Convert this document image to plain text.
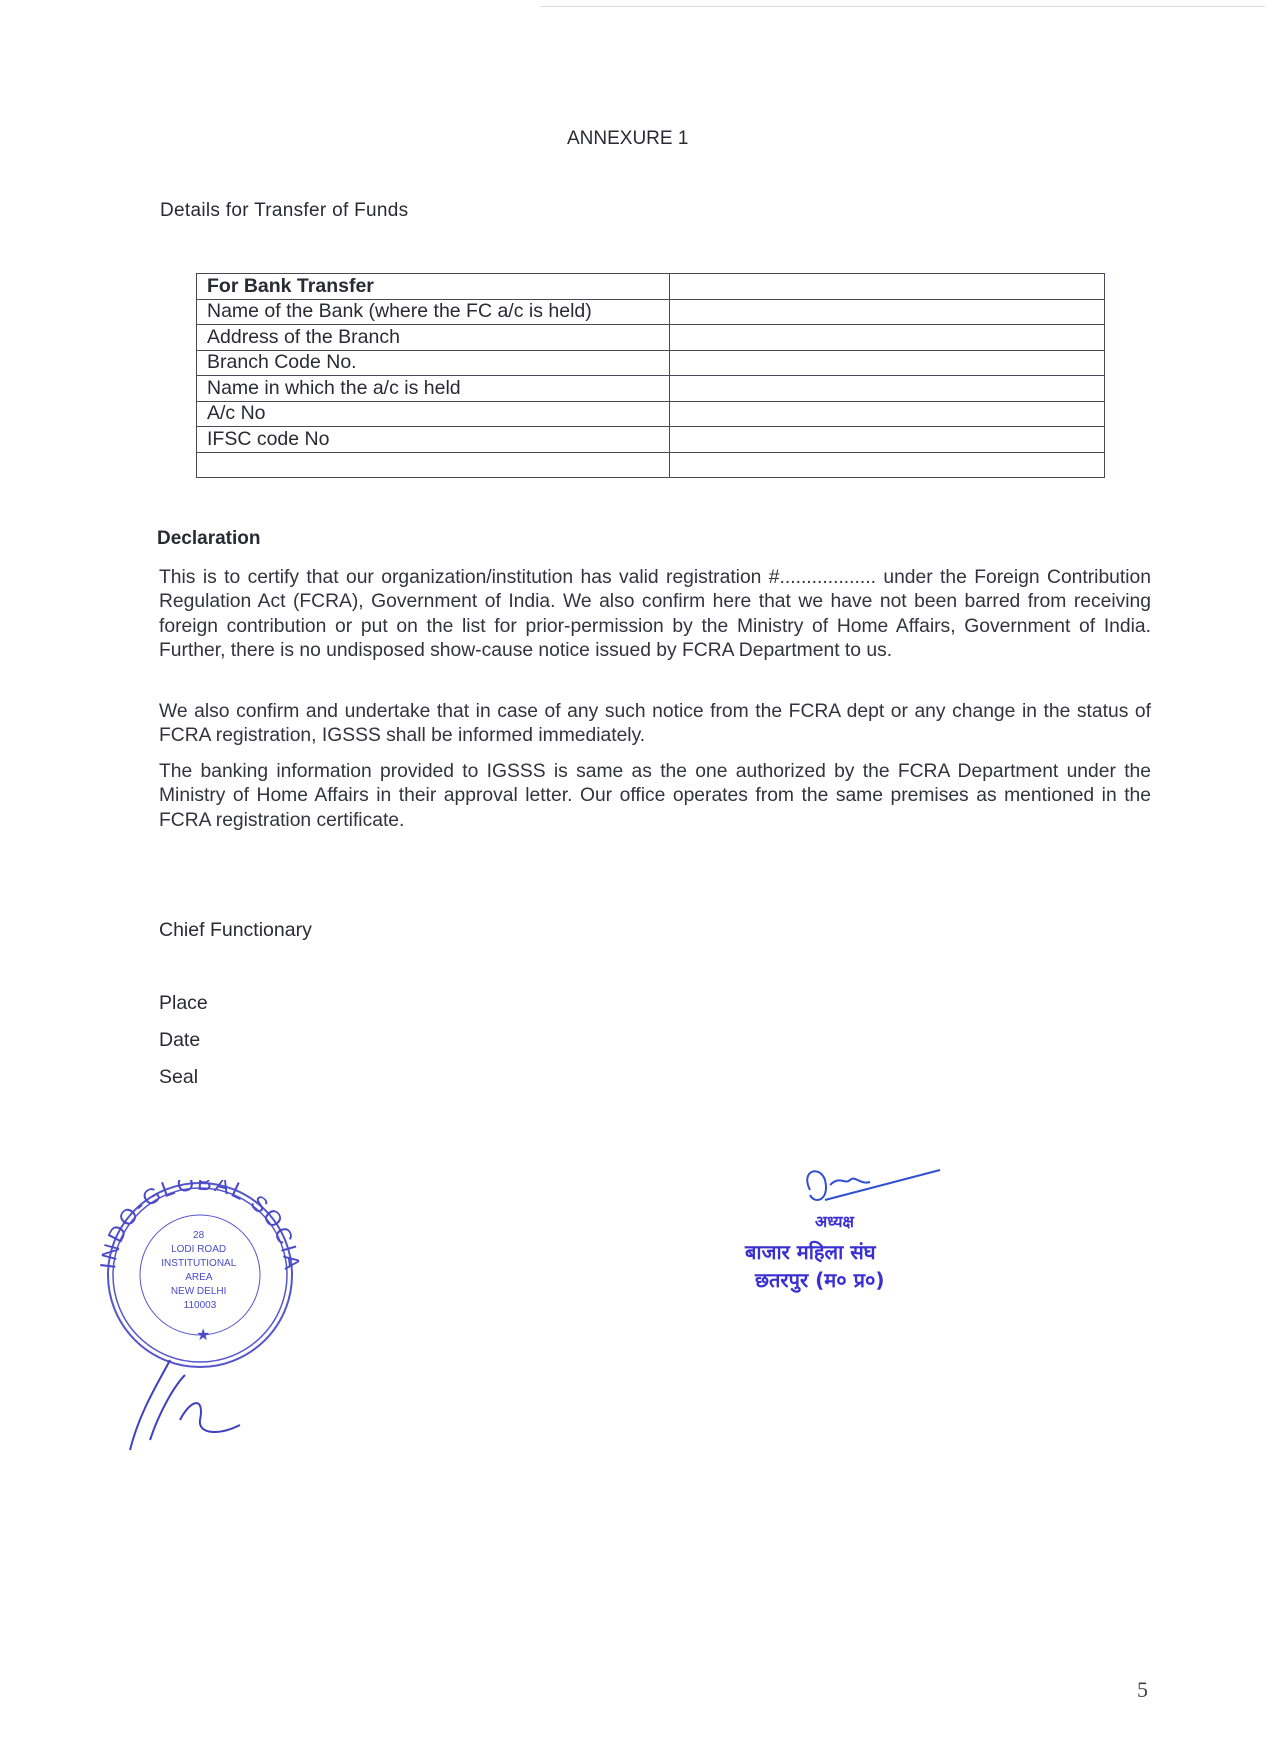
ANNEXURE 1
Details for Transfer of Funds
For Bank Transfer	
Name of the Bank (where the FC a/c is held)	
Address of the Branch	
Branch Code No.	
Name in which the a/c is held	
A/c No	
IFSC code No	

Declaration
This is to certify that our organization/institution has valid registration #.................. under the Foreign Contribution Regulation Act (FCRA), Government of India. We also confirm here that we have not been barred from receiving foreign contribution or put on the list for prior-permission by the Ministry of Home Affairs, Government of India. Further, there is no undisposed show-cause notice issued by FCRA Department to us.
We also confirm and undertake that in case of any such notice from the FCRA dept or any change in the status of FCRA registration, IGSSS shall be informed immediately.
The banking information provided to IGSSS is same as the one authorized by the FCRA Department under the Ministry of Home Affairs in their approval letter. Our office operates from the same premises as mentioned in the FCRA registration certificate.
Chief Functionary
Place
Date
Seal
INDO-GLOBAL SOCIA
28 LODI ROAD INSTITUTIONAL AREA NEW DELHI 110003
★
अध्यक्ष
बाजार महिला संघ
छतरपुर (म० प्र०)
5
